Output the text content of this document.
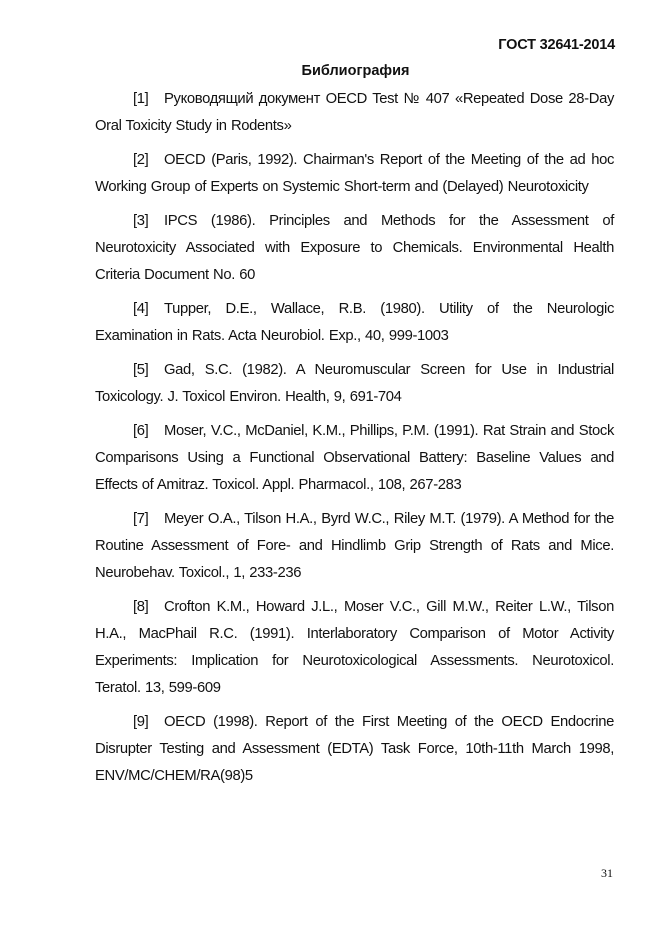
ГОСТ 32641-2014
Библиография
[1] Руководящий документ OECD Test № 407 «Repeated Dose 28-Day Oral Toxicity Study in Rodents»
[2] OECD (Paris, 1992). Chairman's Report of the Meeting of the ad hoc Working Group of Experts on Systemic Short-term and (Delayed) Neurotoxicity
[3] IPCS (1986). Principles and Methods for the Assessment of Neurotoxicity Associated with Exposure to Chemicals. Environmental Health Criteria Document No. 60
[4] Tupper, D.E., Wallace, R.B. (1980). Utility of the Neurologic Examination in Rats. Acta Neurobiol. Exp., 40, 999-1003
[5] Gad, S.C. (1982). A Neuromuscular Screen for Use in Industrial Toxicology. J. Toxicol Environ. Health, 9, 691-704
[6] Moser, V.C., McDaniel, K.M., Phillips, P.M. (1991). Rat Strain and Stock Comparisons Using a Functional Observational Battery: Baseline Values and Effects of Amitraz. Toxicol. Appl. Pharmacol., 108, 267-283
[7] Meyer O.A., Tilson H.A., Byrd W.C., Riley M.T. (1979). A Method for the Routine Assessment of Fore- and Hindlimb Grip Strength of Rats and Mice. Neurobehav. Toxicol., 1, 233-236
[8] Crofton K.M., Howard J.L., Moser V.C., Gill M.W., Reiter L.W., Tilson H.A., MacPhail R.C. (1991). Interlaboratory Comparison of Motor Activity Experiments: Implication for Neurotoxicological Assessments. Neurotoxicol. Teratol. 13, 599-609
[9] OECD (1998). Report of the First Meeting of the OECD Endocrine Disrupter Testing and Assessment (EDTA) Task Force, 10th-11th March 1998, ENV/MC/CHEM/RA(98)5
31
